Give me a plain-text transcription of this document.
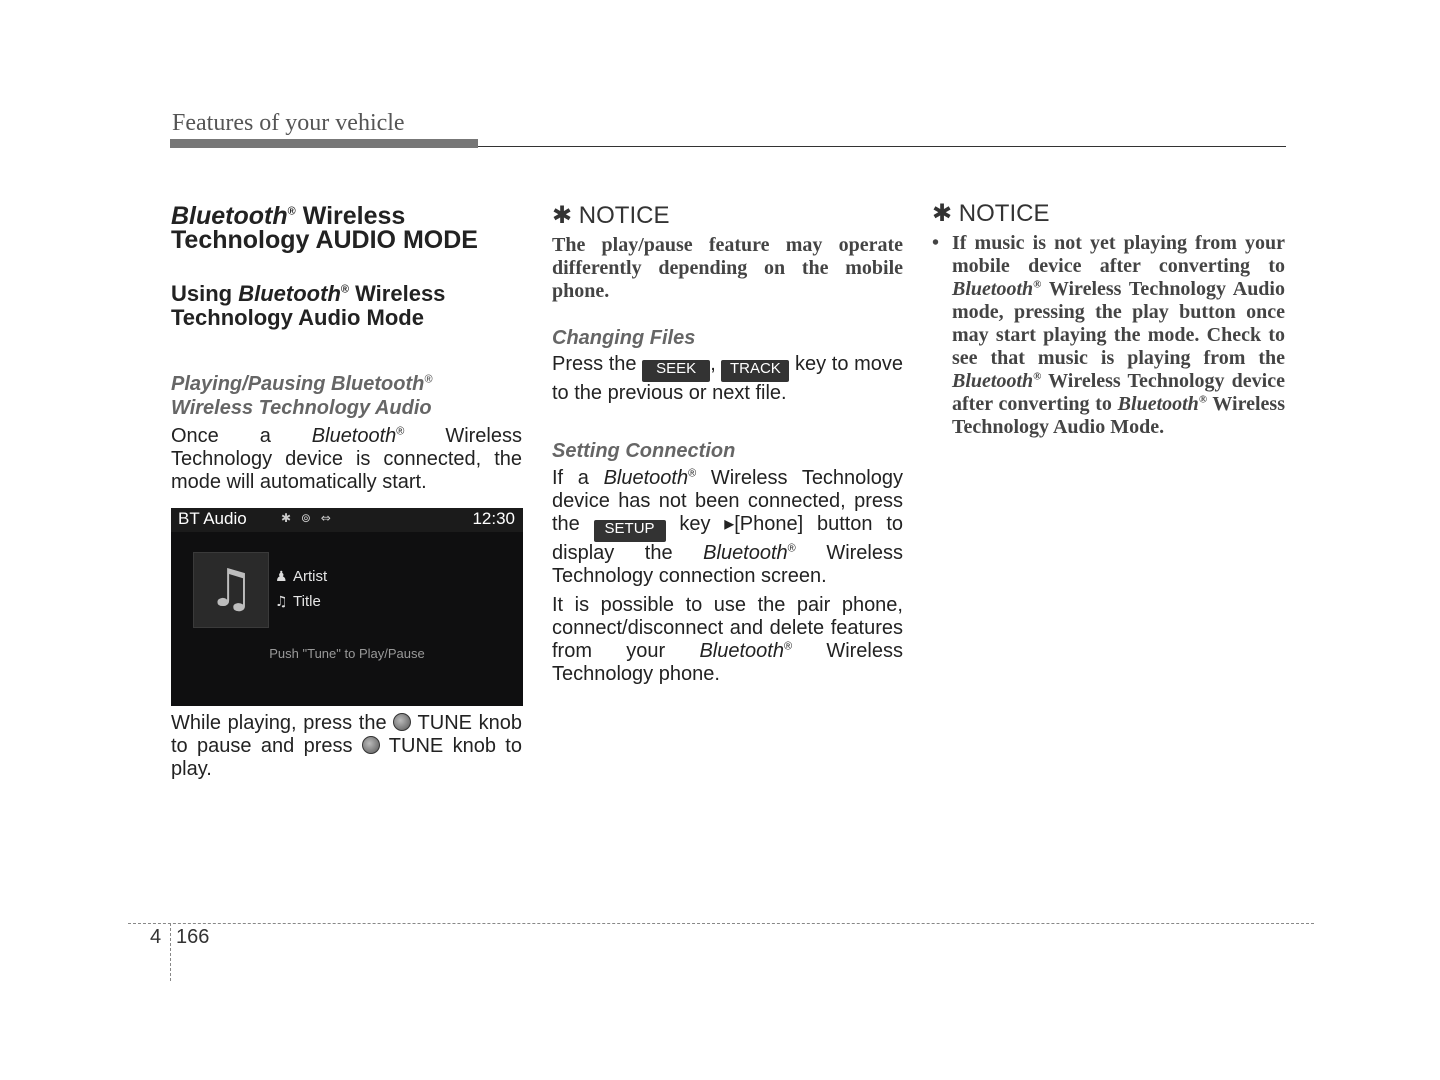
Features of your vehicle

Bluetooth® Wireless
Technology AUDIO MODE

Using Bluetooth® Wireless
Technology Audio Mode

Playing/Pausing Bluetooth®
Wireless Technology Audio

Once a Bluetooth® Wireless Technology device is connected, the mode will automatically start.

BT Audio	✱ ⊚ ⇔	12:30
♫ ♟ Artist
♫ Title
Push "Tune" to Play/Pause

While playing, press the  TUNE knob to pause and press  TUNE knob to play.

✱ NOTICE

The play/pause feature may operate differently depending on the mobile phone.

Changing Files

Press the SEEK , TRACK key to move to the previous or next file.

Setting Connection

If a Bluetooth® Wireless Technology device has not been connected, press the SETUP key ▸[Phone] button to display the Bluetooth® Wireless Technology connection screen.

It is possible to use the pair phone, connect/disconnect and delete features from your Bluetooth® Wireless Technology phone.

✱ NOTICE

• If music is not yet playing from your mobile device after converting to Bluetooth® Wireless Technology Audio mode, pressing the play button once may start playing the mode. Check to see that music is playing from the Bluetooth® Wireless Technology device after converting to Bluetooth® Wireless Technology Audio Mode.

4 166
